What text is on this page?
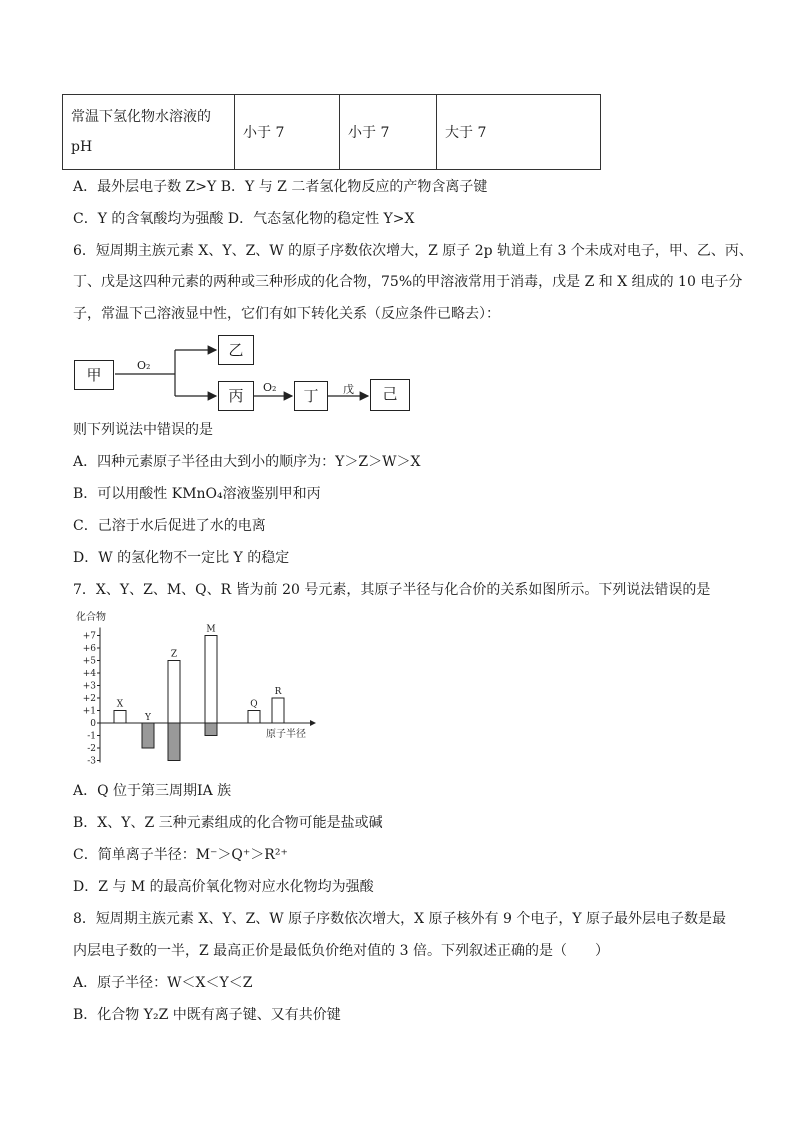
常温下氢化物水溶液的pH	小于 7	小于 7	大于 7
A．最外层电子数 Z>Y B．Y 与 Z 二者氢化物反应的产物含离子键
C．Y 的含氧酸均为强酸 D．气态氢化物的稳定性 Y>X
6．短周期主族元素 X、Y、Z、W 的原子序数依次增大，Z 原子 2p 轨道上有 3 个未成对电子，甲、乙、丙、
丁、戊是这四种元素的两种或三种形成的化合物，75%的甲溶液常用于消毒，戊是 Z 和 X 组成的 10 电子分
子，常温下己溶液显中性，它们有如下转化关系（反应条件已略去）：
O₂
O₂	戊
甲
乙
丙	丁	己
则下列说法中错误的是
A．四种元素原子半径由大到小的顺序为：Y＞Z＞W＞X
B．可以用酸性 KMnO₄溶液鉴别甲和丙
C．己溶于水后促进了水的电离
D．W 的氢化物不一定比 Y 的稳定
7．X、Y、Z、M、Q、R 皆为前 20 号元素，其原子半径与化合价的关系如图所示。下列说法错误的是
化合物
原子半径
+7
+6
+5
+4
+3
+2
+1
0
-1
-2
-3
X
Y
Z
M
Q
R
A．Q 位于第三周期ⅠA 族
B．X、Y、Z 三种元素组成的化合物可能是盐或碱
C．简单离子半径：M⁻＞Q⁺＞R²⁺
D．Z 与 M 的最高价氧化物对应水化物均为强酸
8．短周期主族元素 X、Y、Z、W 原子序数依次增大，X 原子核外有 9 个电子，Y 原子最外层电子数是最
内层电子数的一半，Z 最高正价是最低负价绝对值的 3 倍。下列叙述正确的是（　　）
A．原子半径：W＜X＜Y＜Z
B．化合物 Y₂Z 中既有离子键、又有共价键
